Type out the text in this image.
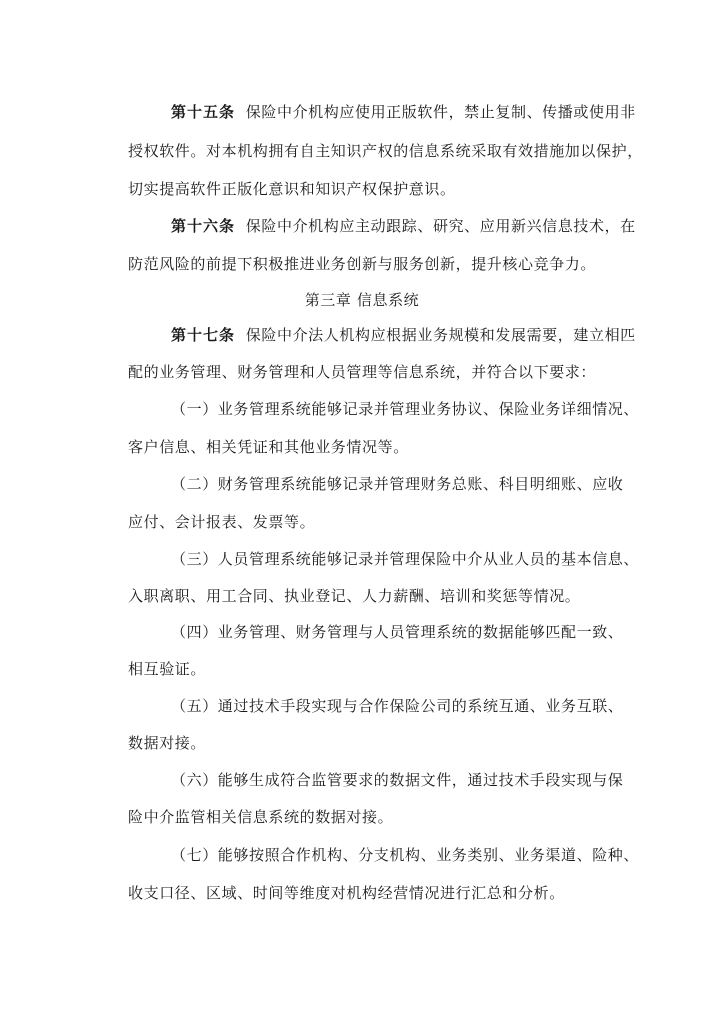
第十五条 保险中介机构应使用正版软件，禁止复制、传播或使用非
授权软件。对本机构拥有自主知识产权的信息系统采取有效措施加以保护，
切实提高软件正版化意识和知识产权保护意识。
第十六条 保险中介机构应主动跟踪、研究、应用新兴信息技术，在
防范风险的前提下积极推进业务创新与服务创新，提升核心竞争力。
第三章 信息系统
第十七条 保险中介法人机构应根据业务规模和发展需要，建立相匹
配的业务管理、财务管理和人员管理等信息系统，并符合以下要求：
（一）业务管理系统能够记录并管理业务协议、保险业务详细情况、
客户信息、相关凭证和其他业务情况等。
（二）财务管理系统能够记录并管理财务总账、科目明细账、应收
应付、会计报表、发票等。
（三）人员管理系统能够记录并管理保险中介从业人员的基本信息、
入职离职、用工合同、执业登记、人力薪酬、培训和奖惩等情况。
（四）业务管理、财务管理与人员管理系统的数据能够匹配一致、
相互验证。
（五）通过技术手段实现与合作保险公司的系统互通、业务互联、
数据对接。
（六）能够生成符合监管要求的数据文件，通过技术手段实现与保
险中介监管相关信息系统的数据对接。
（七）能够按照合作机构、分支机构、业务类别、业务渠道、险种、
收支口径、区域、时间等维度对机构经营情况进行汇总和分析。
